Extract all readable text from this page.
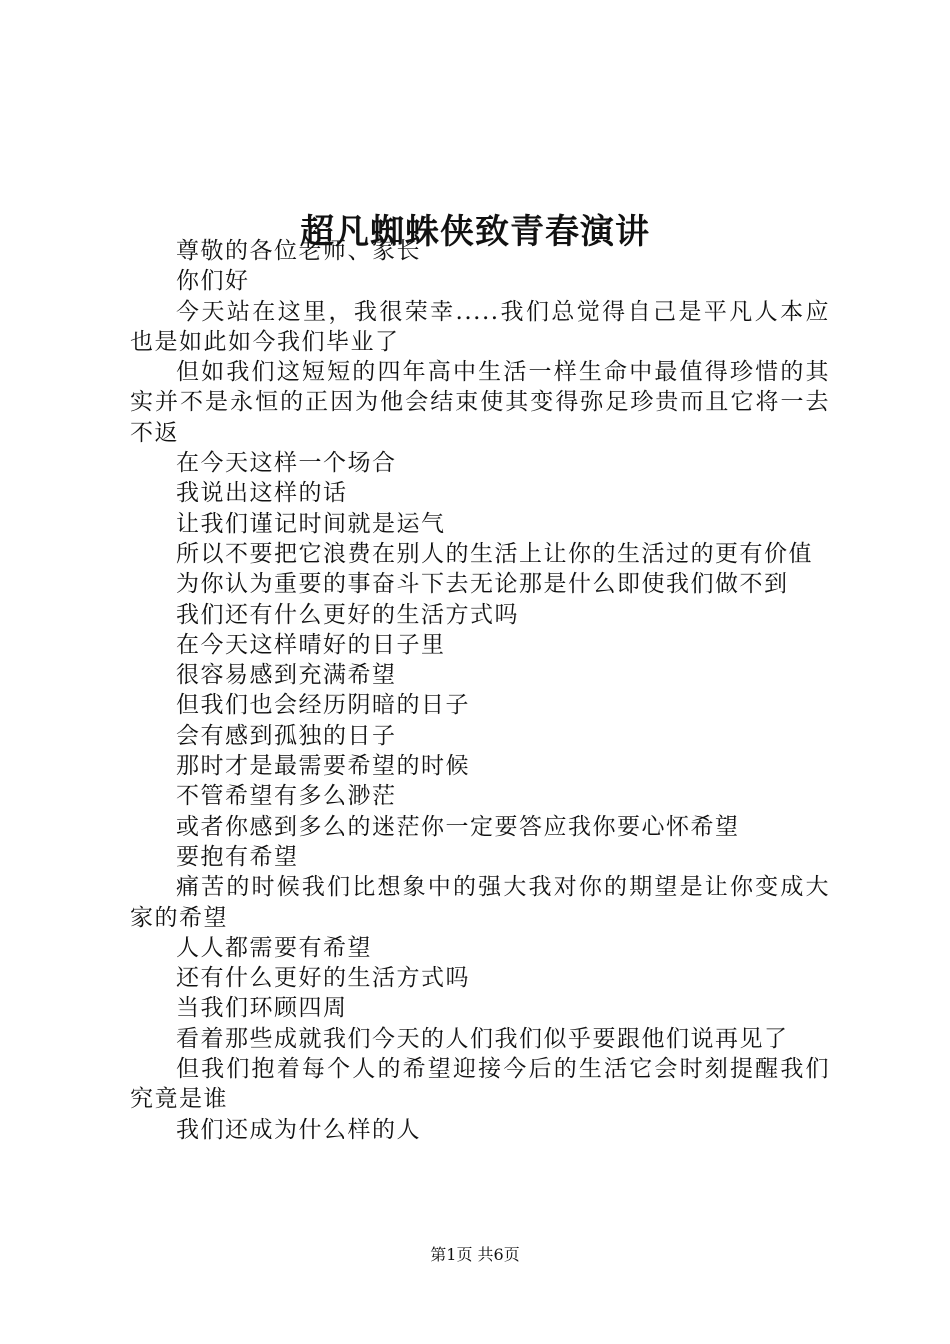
超凡蜘蛛侠致青春演讲

尊敬的各位老师、家长

你们好

今天站在这里，我很荣幸.....我们总觉得自己是平凡人本应也是如此如今我们毕业了

但如我们这短短的四年高中生活一样生命中最值得珍惜的其实并不是永恒的正因为他会结束使其变得弥足珍贵而且它将一去不返

在今天这样一个场合

我说出这样的话

让我们谨记时间就是运气

所以不要把它浪费在别人的生活上让你的生活过的更有价值

为你认为重要的事奋斗下去无论那是什么即使我们做不到

我们还有什么更好的生活方式吗

在今天这样晴好的日子里

很容易感到充满希望

但我们也会经历阴暗的日子

会有感到孤独的日子

那时才是最需要希望的时候

不管希望有多么渺茫

或者你感到多么的迷茫你一定要答应我你要心怀希望

要抱有希望

痛苦的时候我们比想象中的强大我对你的期望是让你变成大家的希望

人人都需要有希望

还有什么更好的生活方式吗

当我们环顾四周

看着那些成就我们今天的人们我们似乎要跟他们说再见了

但我们抱着每个人的希望迎接今后的生活它会时刻提醒我们究竟是谁

我们还成为什么样的人

第1页 共6页
